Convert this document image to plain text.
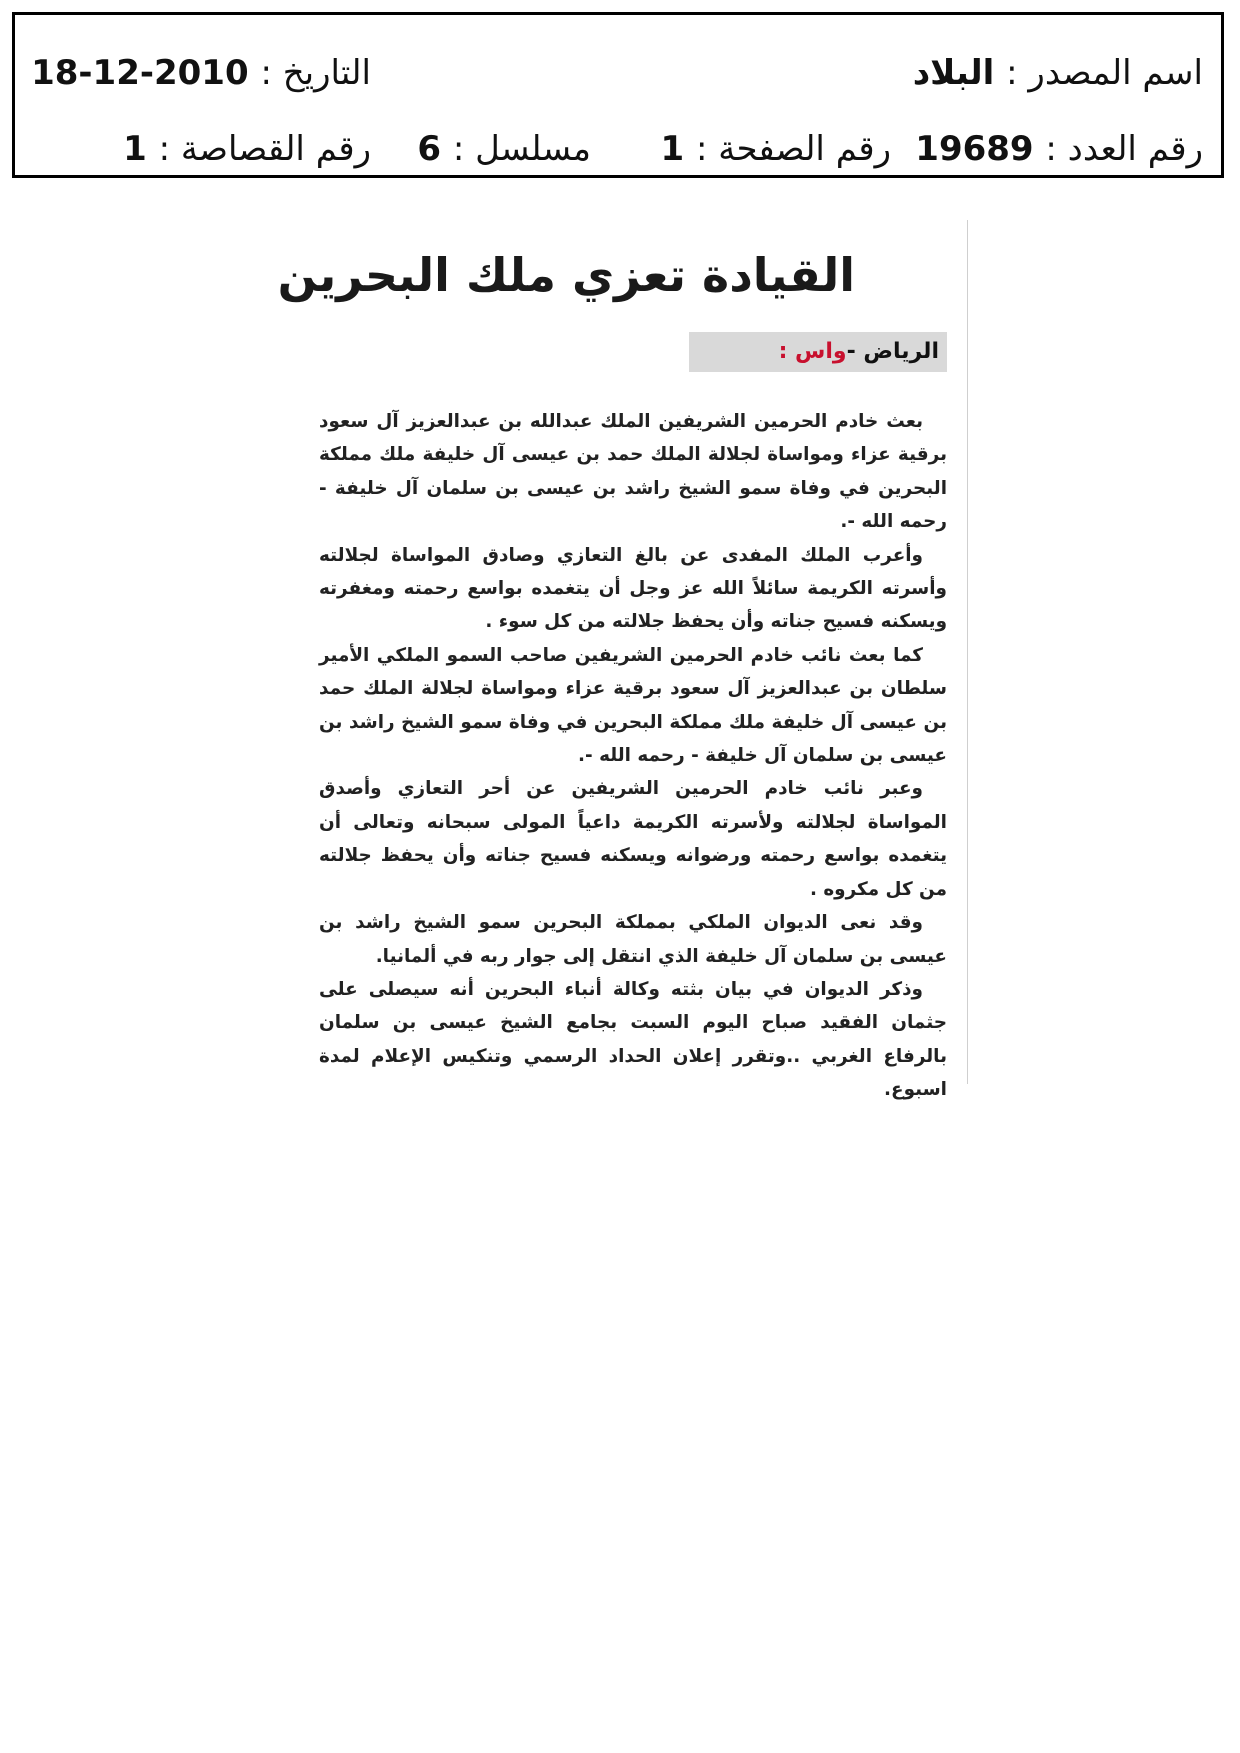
اسم المصدر : البلاد
التاريخ : 2010-12-18
رقم العدد : 19689
رقم الصفحة : 1
مسلسل : 6
رقم القصاصة : 1
القيادة تعزي ملك البحرين
الرياض -واس :

بعث خادم الحرمين الشريفين الملك عبدالله بن عبدالعزيز آل سعود برقية عزاء ومواساة لجلالة الملك حمد بن عيسى آل خليفة ملك مملكة البحرين في وفاة سمو الشيخ راشد بن عيسى بن سلمان آل خليفة - رحمه الله -.

وأعرب الملك المفدى عن بالغ التعازي وصادق المواساة لجلالته وأسرته الكريمة سائلاً الله عز وجل أن يتغمده بواسع رحمته ومغفرته ويسكنه فسيح جناته وأن يحفظ جلالته من كل سوء .

كما بعث نائب خادم الحرمين الشريفين صاحب السمو الملكي الأمير سلطان بن عبدالعزيز آل سعود برقية عزاء ومواساة لجلالة الملك حمد بن عيسى آل خليفة ملك مملكة البحرين في وفاة سمو الشيخ راشد بن عيسى بن سلمان آل خليفة - رحمه الله -.

وعبر نائب خادم الحرمين الشريفين عن أحر التعازي وأصدق المواساة لجلالته ولأسرته الكريمة داعياً المولى سبحانه وتعالى أن يتغمده بواسع رحمته ورضوانه ويسكنه فسيح جناته وأن يحفظ جلالته من كل مكروه .

وقد نعى الديوان الملكي بمملكة البحرين سمو الشيخ راشد بن عيسى بن سلمان آل خليفة الذي انتقل إلى جوار ربه في ألمانيا.

وذكر الديوان في بيان بثته وكالة أنباء البحرين أنه سيصلى على جثمان الفقيد صباح اليوم السبت بجامع الشيخ عيسى بن سلمان بالرفاع الغربي ..وتقرر إعلان الحداد الرسمي وتنكيس الإعلام لمدة اسبوع.
